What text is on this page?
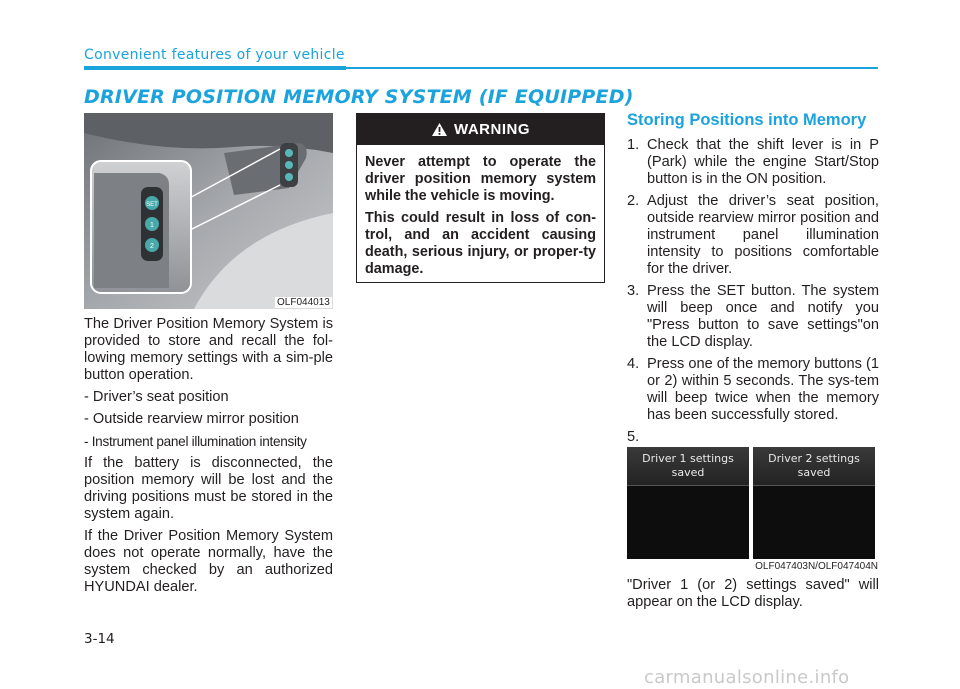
Convenient features of your vehicle
DRIVER POSITION MEMORY SYSTEM (IF EQUIPPED)
SET
1
2
OLF044013

The Driver Position Memory System is provided to store and recall the fol-lowing memory settings with a sim-ple button operation.

- Driver’s seat position

- Outside rearview mirror position

- Instrument panel illumination intensity

If the battery is disconnected, the position memory will be lost and the driving positions must be stored in the system again.

If the Driver Position Memory System does not operate normally, have the system checked by an authorized HYUNDAI dealer.

WARNING

Never attempt to operate the driver position memory system while the vehicle is moving.

This could result in loss of con-trol, and an accident causing death, serious injury, or proper-ty damage.

Storing Positions into Memory
1. Check that the shift lever is in P (Park) while the engine Start/Stop button is in the ON position.
2. Adjust the driver’s seat position, outside rearview mirror position and instrument panel illumination intensity to positions comfortable for the driver.
3. Press the SET button. The system will beep once and notify you "Press button to save settings"on the LCD display.
4. Press one of the memory buttons (1 or 2) within 5 seconds. The sys-tem will beep twice when the memory has been successfully stored.
5.
Driver 1 settings
saved
Driver 2 settings
saved
OLF047403N/OLF047404N
"Driver 1 (or 2) settings saved" will appear on the LCD display.
3-14
carmanualsonline.info
